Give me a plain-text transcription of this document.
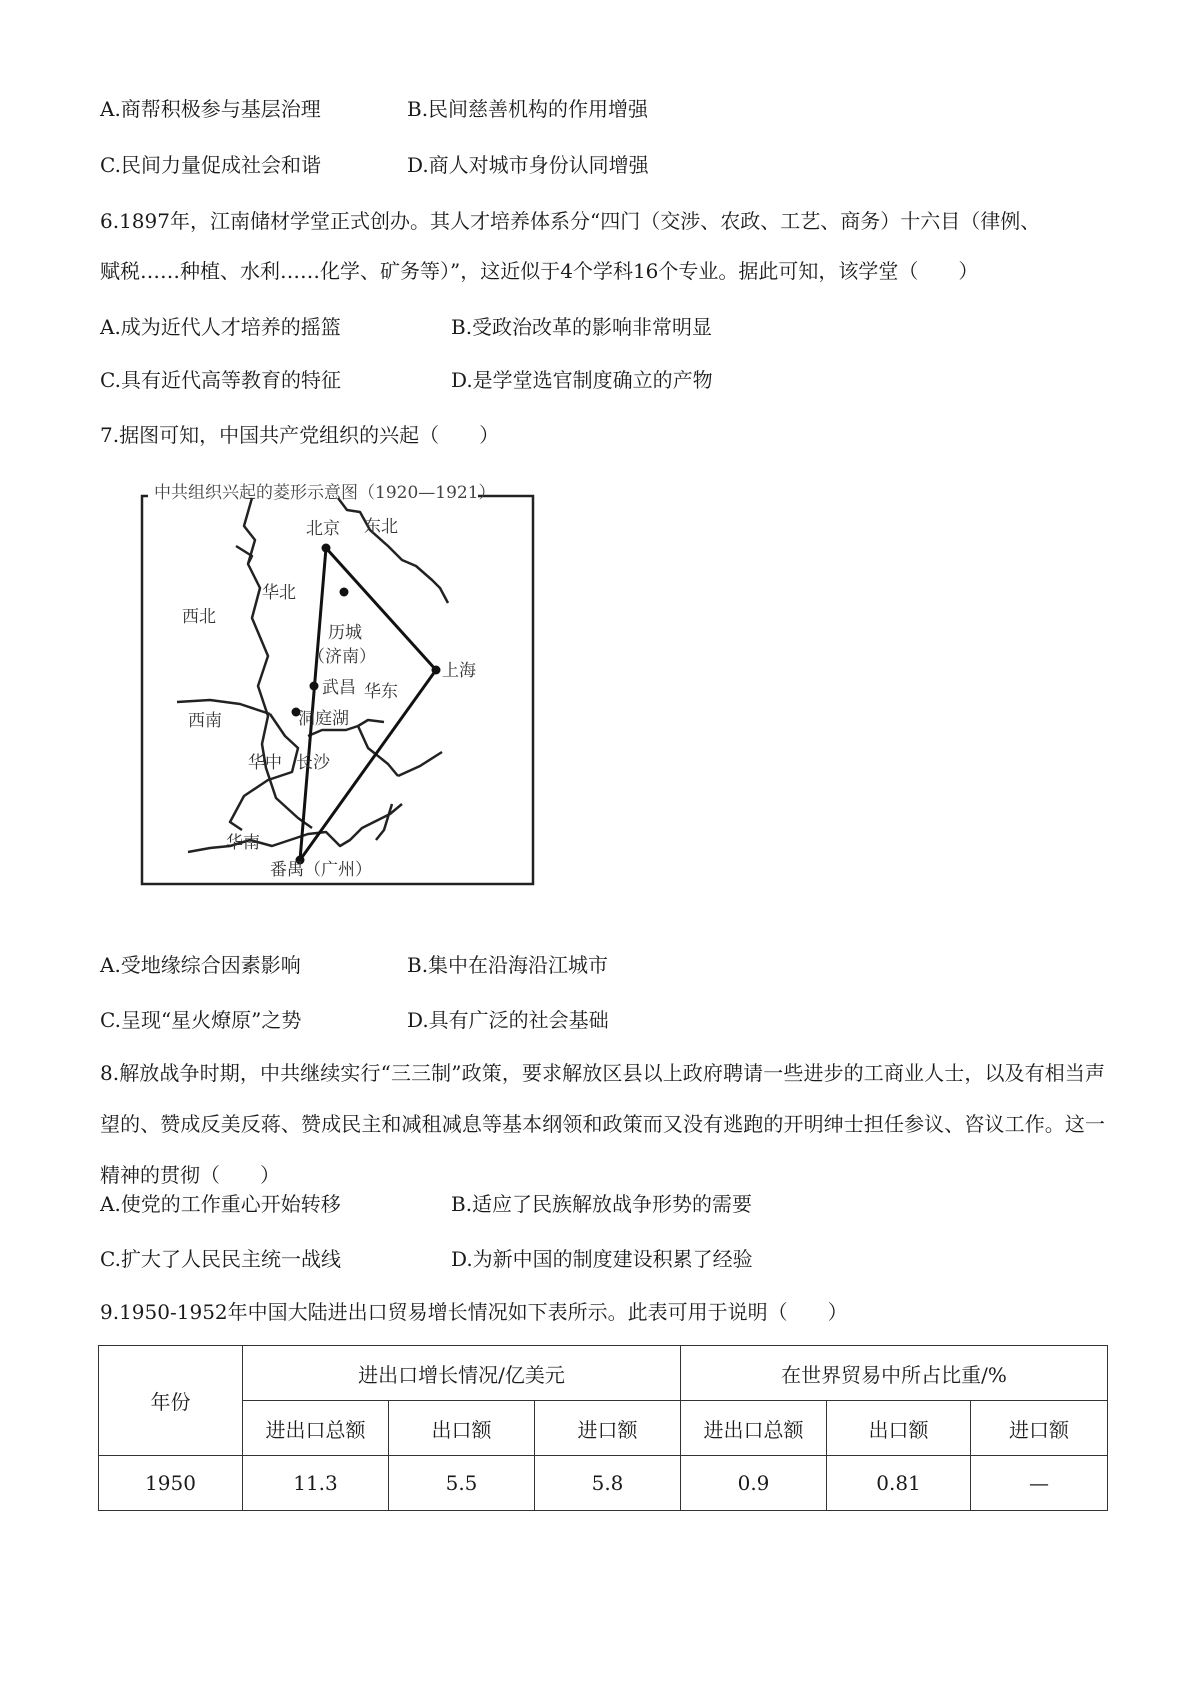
A.商帮积极参与基层治理	B.民间慈善机构的作用增强
C.民间力量促成社会和谐	D.商人对城市身份认同增强
6.1897年，江南储材学堂正式创办。其人才培养体系分“四门（交涉、农政、工艺、商务）十六目（律例、
赋税……种植、水利……化学、矿务等）”，这近似于4个学科16个专业。据此可知，该学堂（　　）
A.成为近代人才培养的摇篮	B.受政治改革的影响非常明显
C.具有近代高等教育的特征	D.是学堂选官制度确立的产物
7.据图可知，中国共产党组织的兴起（　　）
中共组织兴起的菱形示意图（1920—1921）
东北
北京
华北
西北
历城
（济南）
华东
上海
西南
武昌
洞庭湖
华中 长沙
华南
番禺（广州）
A.受地缘综合因素影响	B.集中在沿海沿江城市
C.呈现“星火燎原”之势	D.具有广泛的社会基础
8.解放战争时期，中共继续实行“三三制”政策，要求解放区县以上政府聘请一些进步的工商业人士，以及有相当声望的、赞成反美反蒋、赞成民主和减租减息等基本纲领和政策而又没有逃跑的开明绅士担任参议、咨议工作。这一精神的贯彻（　　）
A.使党的工作重心开始转移	B.适应了民族解放战争形势的需要
C.扩大了人民民主统一战线	D.为新中国的制度建设积累了经验
9.1950-1952年中国大陆进出口贸易增长情况如下表所示。此表可用于说明（　　）
年份	进出口增长情况/亿美元			在世界贸易中所占比重/%		
	进出口总额	出口额	进口额	进出口总额	出口额	进口额
1950	11.3	5.5	5.8	0.9	0.81	—
